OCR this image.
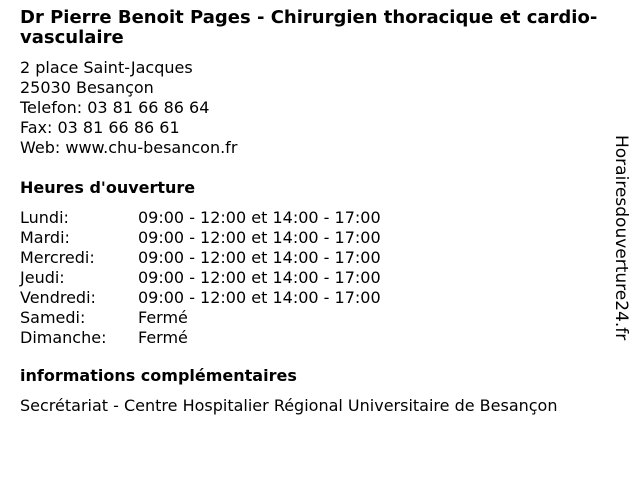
Dr Pierre Benoit Pages - Chirurgien thoracique et cardio-vasculaire
2 place Saint-Jacques
25030 Besançon
Telefon: 03 81 66 86 64
Fax: 03 81 66 86 61
Web: www.chu-besancon.fr
Heures d'ouverture
Lundi:	09:00 - 12:00 et 14:00 - 17:00
Mardi:	09:00 - 12:00 et 14:00 - 17:00
Mercredi:	09:00 - 12:00 et 14:00 - 17:00
Jeudi:	09:00 - 12:00 et 14:00 - 17:00
Vendredi:	09:00 - 12:00 et 14:00 - 17:00
Samedi:	Fermé
Dimanche:	Fermé
informations complémentaires
Secrétariat - Centre Hospitalier Régional Universitaire de Besançon
Horairesdouverture24.fr
